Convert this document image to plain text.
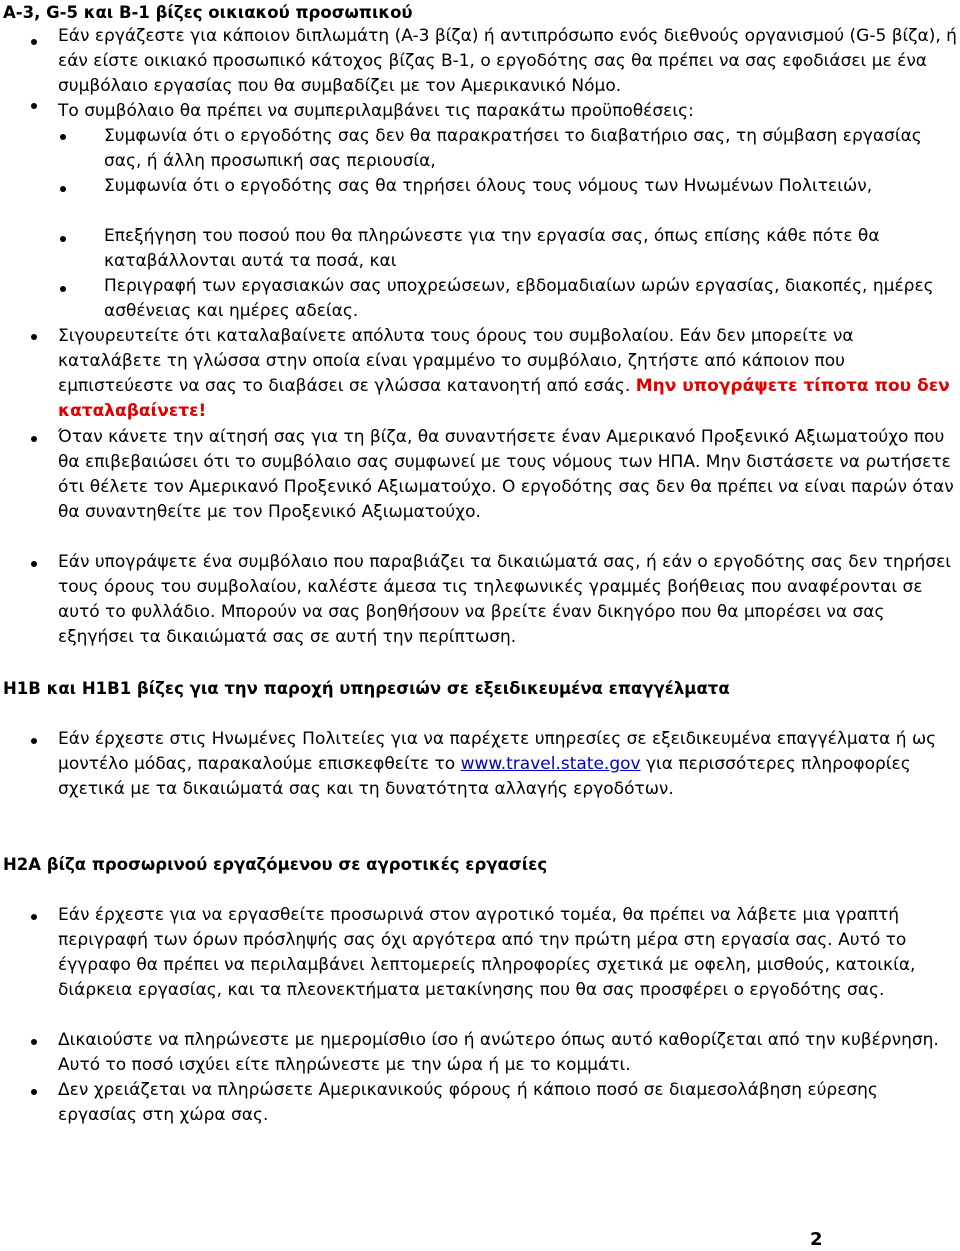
A-3, G-5 και B-1 βίζες οικιακού προσωπικού

Εάν εργάζεστε για κάποιον διπλωμάτη (A-3 βίζα) ή αντιπρόσωπο ενός διεθνούς οργανισμού (G-5 βίζα), ή εάν είστε οικιακό προσωπικό κάτοχος βίζας B-1, ο εργοδότης σας θα πρέπει να σας εφοδιάσει με ένα συμβόλαιο εργασίας που θα συμβαδίζει με τον Αμερικανικό Νόμο.

Το συμβόλαιο θα πρέπει να συμπεριλαμβάνει τις παρακάτω προϋποθέσεις:

Συμφωνία ότι ο εργοδότης σας δεν θα παρακρατήσει το διαβατήριο σας, τη σύμβαση εργασίας σας, ή άλλη προσωπική σας περιουσία,

Συμφωνία ότι ο εργοδότης σας θα τηρήσει όλους τους νόμους των Ηνωμένων Πολιτειών,

Επεξήγηση του ποσού που θα πληρώνεστε για την εργασία σας, όπως επίσης κάθε πότε θα καταβάλλονται αυτά τα ποσά, και

Περιγραφή των εργασιακών σας υποχρεώσεων, εβδομαδιαίων ωρών εργασίας, διακοπές, ημέρες ασθένειας και ημέρες αδείας.

Σιγουρευτείτε ότι καταλαβαίνετε απόλυτα τους όρους του συμβολαίου. Εάν δεν μπορείτε να καταλάβετε τη γλώσσα στην οποία είναι γραμμένο το συμβόλαιο, ζητήστε από κάποιον που εμπιστεύεστε να σας το διαβάσει σε γλώσσα κατανοητή από εσάς. Μην υπογράψετε τίποτα που δεν καταλαβαίνετε!

Όταν κάνετε την αίτησή σας για τη βίζα, θα συναντήσετε έναν Αμερικανό Προξενικό Αξιωματούχο που θα επιβεβαιώσει ότι το συμβόλαιο σας συμφωνεί με τους νόμους των ΗΠΑ. Μην διστάσετε να ρωτήσετε ότι θέλετε τον Αμερικανό Προξενικό Αξιωματούχο. Ο εργοδότης σας δεν θα πρέπει να είναι παρών όταν θα συναντηθείτε με τον Προξενικό Αξιωματούχο.

Εάν υπογράψετε ένα συμβόλαιο που παραβιάζει τα δικαιώματά σας, ή εάν ο εργοδότης σας δεν τηρήσει τους όρους του συμβολαίου, καλέστε άμεσα τις τηλεφωνικές γραμμές βοήθειας που αναφέρονται σε αυτό το φυλλάδιο. Μπορούν να σας βοηθήσουν να βρείτε έναν δικηγόρο που θα μπορέσει να σας εξηγήσει τα δικαιώματά σας σε αυτή την περίπτωση.

H1B και H1B1 βίζες για την παροχή υπηρεσιών σε εξειδικευμένα επαγγέλματα

Εάν έρχεστε στις Ηνωμένες Πολιτείες για να παρέχετε υπηρεσίες σε εξειδικευμένα επαγγέλματα ή ως μοντέλο μόδας, παρακαλούμε επισκεφθείτε το www.travel.state.gov για περισσότερες πληροφορίες σχετικά με τα δικαιώματά σας και τη δυνατότητα αλλαγής εργοδότων.

H2A βίζα προσωρινού εργαζόμενου σε αγροτικές εργασίες

Εάν έρχεστε για να εργασθείτε προσωρινά στον αγροτικό τομέα, θα πρέπει να λάβετε μια γραπτή περιγραφή των όρων πρόσληψής σας όχι αργότερα από την πρώτη μέρα στη εργασία σας. Αυτό το έγγραφο θα πρέπει να περιλαμβάνει λεπτομερείς πληροφορίες σχετικά με οφελη, μισθούς, κατοικία, διάρκεια εργασίας, και τα πλεονεκτήματα μετακίνησης που θα σας προσφέρει ο εργοδότης σας.

Δικαιούστε να πληρώνεστε με ημερομίσθιο ίσο ή ανώτερο όπως αυτό καθορίζεται από την κυβέρνηση. Αυτό το ποσό ισχύει είτε πληρώνεστε με την ώρα ή με το κομμάτι.

Δεν χρειάζεται να πληρώσετε Αμερικανικούς φόρους ή κάποιο ποσό σε διαμεσολάβηση εύρεσης εργασίας στη χώρα σας.

2
